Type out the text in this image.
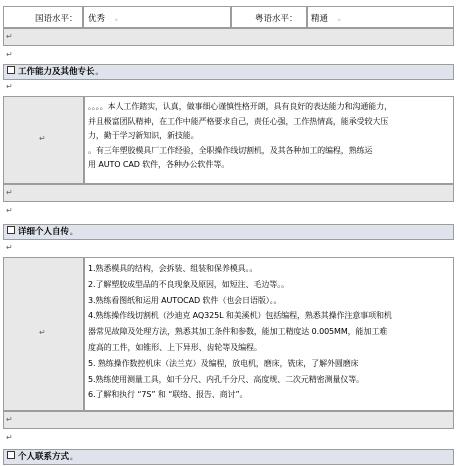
国语水平： 优秀 。	粤语水平： 精通 。
↵
↵
工作能力及其他专长。
↵
↵
。。。。本人工作踏实，认真，做事细心谨慎性格开朗，具有良好的表达能力和沟通能力，
并且极富团队精神，在工作中能严格要求自己，责任心强，工作热情高，能承受较大压
力，勤于学习新知识，新技能。
。有三年塑胶模具厂工作经验，全职操作线切割机，及其各种加工的编程，熟练运
用 AUTO CAD 软件，各种办公软件等。
↵
↵
详细个人自传。
↵
↵
1.熟悉模具的结构，会拆装、组装和保养模具。。
2.了解塑胶成型品的不良现象及原因，如短注、毛边等。。
3.熟练看图纸和运用 AUTOCAD 软件（也会日语版）。。
4.熟练操作线切割机（沙迪克 AQ325L 和美溪机）包括编程，熟悉其操作注意事项和机
器常见故障及处理方法，熟悉其加工条件和参数，能加工精度达 0.005MM，能加工难
度高的工件，如锥形、上下异形、齿轮等及编程。
5. 熟练操作数控机床（法兰克）及编程，放电机，磨床，铣床，了解外圆磨床
5.熟练使用测量工具，如千分尺、内孔千分尺、高度规、二次元精密测量仪等。
6.了解和执行 “7S” 和 “联络、报告、商讨”。
↵
↵
个人联系方式。
